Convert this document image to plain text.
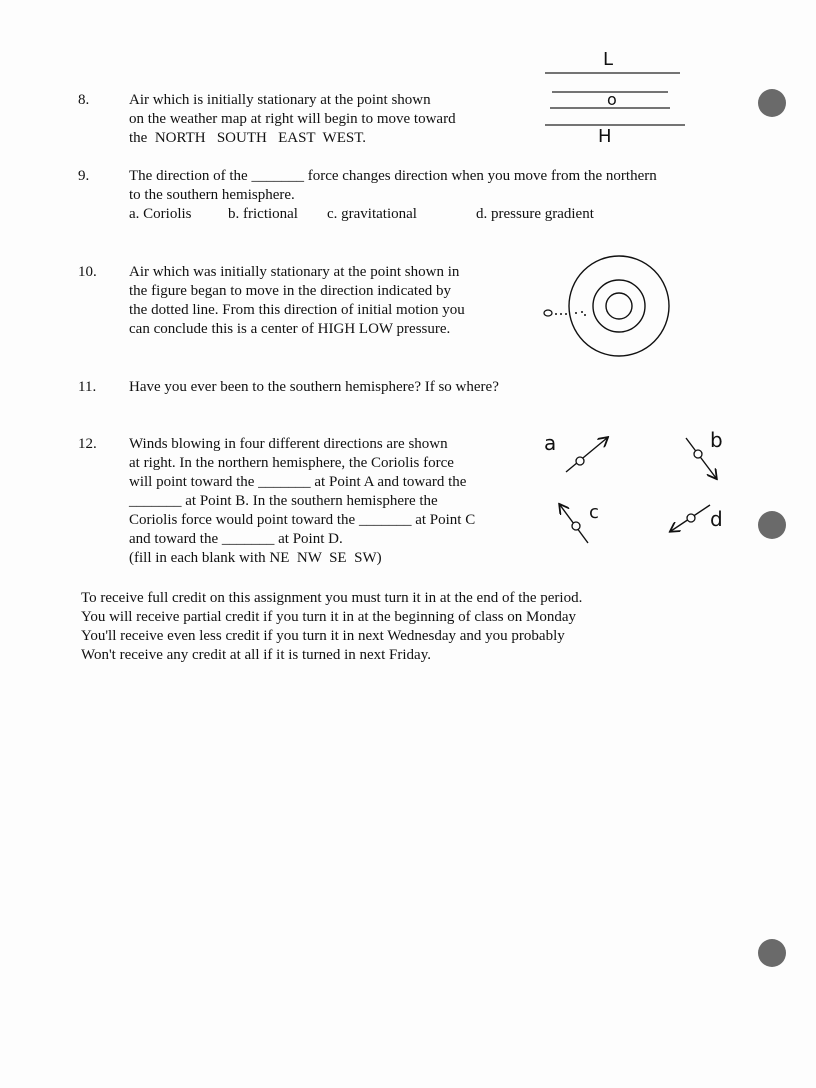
8.	Air which is initially stationary at the point shown
on the weather map at right will begin to move toward
the  NORTH   SOUTH   EAST  WEST.
L
o
H
9.	The direction of the _______ force changes direction when you move from the northern
to the southern hemisphere.
a. Coriolis b. frictional c. gravitational	d. pressure gradient
10.	Air which was initially stationary at the point shown in
the figure began to move in the direction indicated by
the dotted line. From this direction of initial motion you
can conclude this is a center of HIGH LOW pressure.
11.	Have you ever been to the southern hemisphere? If so where?
12.	Winds blowing in four different directions are shown
at right. In the northern hemisphere, the Coriolis force
will point toward the _______ at Point A and toward the
_______ at Point B. In the southern hemisphere the
Coriolis force would point toward the _______ at Point C
and toward the _______ at Point D.
(fill in each blank with NE  NW  SE  SW)
a	b
c	d
To receive full credit on this assignment you must turn it in at the end of the period.
You will receive partial credit if you turn it in at the beginning of class on Monday
You'll receive even less credit if you turn it in next Wednesday and you probably
Won't receive any credit at all if it is turned in next Friday.
